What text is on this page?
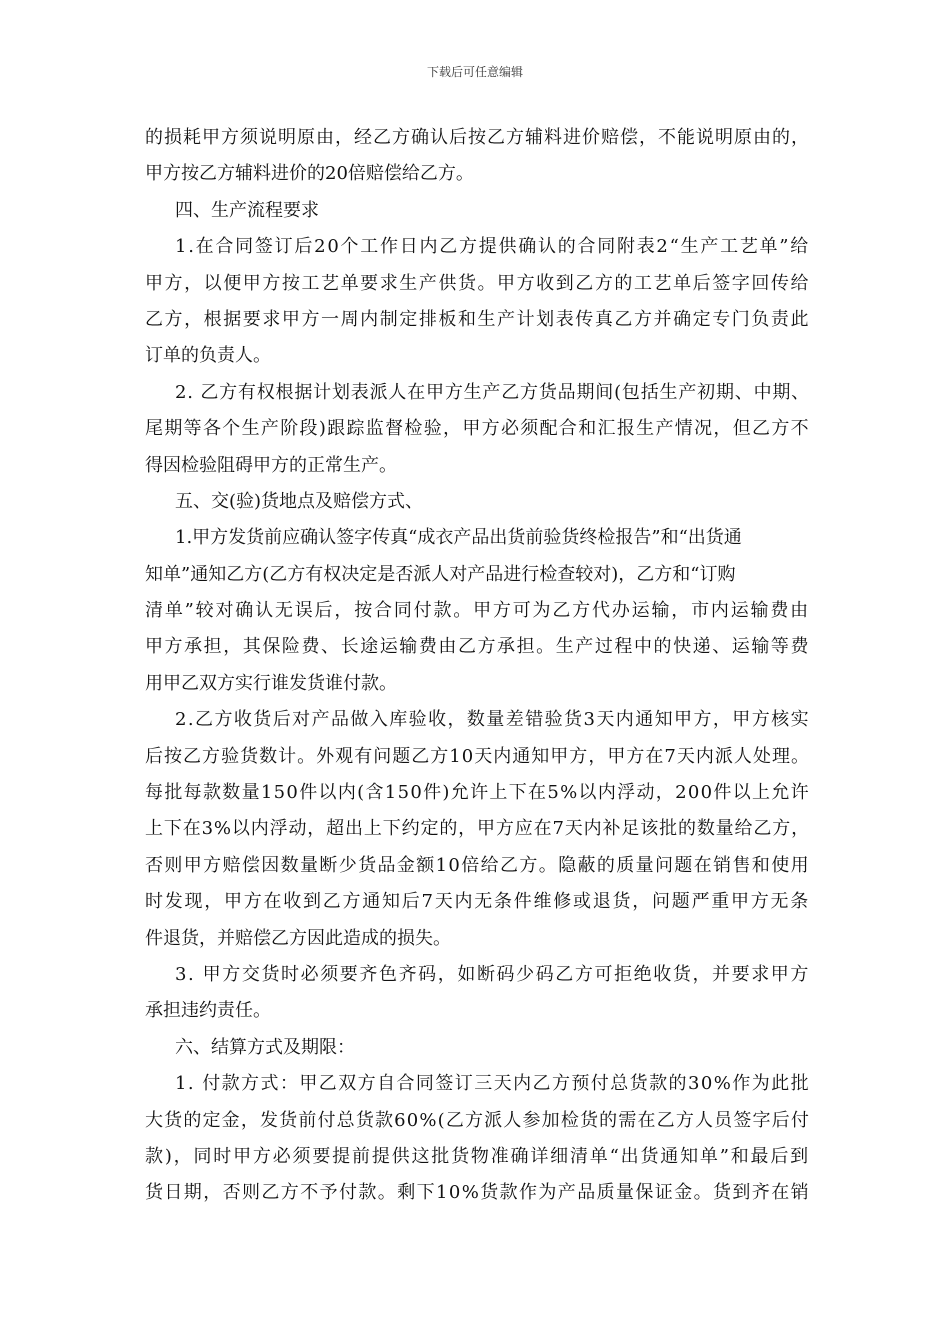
下载后可任意编辑
的损耗甲方须说明原由，经乙方确认后按乙方辅料进价赔偿，不能说明原由的，
甲方按乙方辅料进价的20倍赔偿给乙方。
四、生产流程要求
1.在合同签订后20个工作日内乙方提供确认的合同附表2“生产工艺单”给
甲方，以便甲方按工艺单要求生产供货。甲方收到乙方的工艺单后签字回传给
乙方，根据要求甲方一周内制定排板和生产计划表传真乙方并确定专门负责此
订单的负责人。
2. 乙方有权根据计划表派人在甲方生产乙方货品期间(包括生产初期、中期、
尾期等各个生产阶段)跟踪监督检验，甲方必须配合和汇报生产情况，但乙方不
得因检验阻碍甲方的正常生产。
五、交(验)货地点及赔偿方式、
1.甲方发货前应确认签字传真“成衣产品出货前验货终检报告”和“出货通
知单”通知乙方(乙方有权决定是否派人对产品进行检查较对)，乙方和“订购
清单”较对确认无误后，按合同付款。甲方可为乙方代办运输，市内运输费由
甲方承担，其保险费、长途运输费由乙方承担。生产过程中的快递、运输等费
用甲乙双方实行谁发货谁付款。
2.乙方收货后对产品做入库验收，数量差错验货3天内通知甲方，甲方核实
后按乙方验货数计。外观有问题乙方10天内通知甲方，甲方在7天内派人处理。
每批每款数量150件以内(含150件)允许上下在5%以内浮动，200件以上允许
上下在3%以内浮动，超出上下约定的，甲方应在7天内补足该批的数量给乙方，
否则甲方赔偿因数量断少货品金额10倍给乙方。隐蔽的质量问题在销售和使用
时发现，甲方在收到乙方通知后7天内无条件维修或退货，问题严重甲方无条
件退货，并赔偿乙方因此造成的损失。
3. 甲方交货时必须要齐色齐码，如断码少码乙方可拒绝收货，并要求甲方
承担违约责任。
六、结算方式及期限：
1. 付款方式：甲乙双方自合同签订三天内乙方预付总货款的30%作为此批
大货的定金，发货前付总货款60%(乙方派人参加检货的需在乙方人员签字后付
款)，同时甲方必须要提前提供这批货物准确详细清单“出货通知单”和最后到
货日期，否则乙方不予付款。剩下10%货款作为产品质量保证金。货到齐在销
